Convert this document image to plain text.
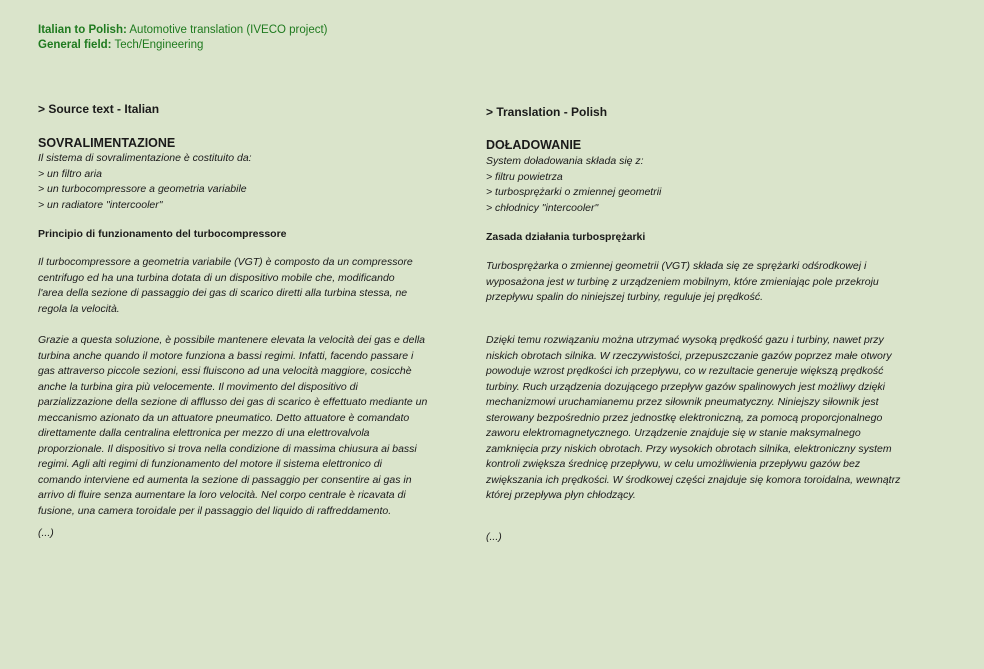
Italian to Polish: Automotive translation (IVECO project)
General field: Tech/Engineering
> Source text - Italian
SOVRALIMENTAZIONE
Il sistema di sovralimentazione è costituito da:
> un filtro aria
> un turbocompressore a geometria variabile
> un radiatore "intercooler"
Principio di funzionamento del turbocompressore
Il turbocompressore a geometria variabile (VGT) è composto da un compressore
centrifugo ed ha una turbina dotata di un dispositivo mobile che, modificando
l'area della sezione di passaggio dei gas di scarico diretti alla turbina stessa, ne
regola la velocità.
Grazie a questa soluzione, è possibile mantenere elevata la velocità dei gas e della
turbina anche quando il motore funziona a bassi regimi. Infatti, facendo passare i
gas attraverso piccole sezioni, essi fluiscono ad una velocità maggiore, cosicchè
anche la turbina gira più velocemente. Il movimento del dispositivo di
parzializzazione della sezione di afflusso dei gas di scarico è effettuato mediante un
meccanismo azionato da un attuatore pneumatico. Detto attuatore è comandato
direttamente dalla centralina elettronica per mezzo di una elettrovalvola
proporzionale. Il dispositivo si trova nella condizione di massima chiusura ai bassi
regimi. Agli alti regimi di funzionamento del motore il sistema elettronico di
comando interviene ed aumenta la sezione di passaggio per consentire ai gas in
arrivo di fluire senza aumentare la loro velocità. Nel corpo centrale è ricavata di
fusione, una camera toroidale per il passaggio del liquido di raffreddamento.
(...)
> Translation - Polish
DOŁADOWANIE
System doładowania składa się z:
> filtru powietrza
> turbosprężarki o zmiennej geometrii
> chłodnicy "intercooler"
Zasada działania turbosprężarki
Turbosprężarka o zmiennej geometrii (VGT) składa się ze sprężarki odśrodkowej i
wyposażona jest w turbinę z urządzeniem mobilnym, które zmieniając pole przekroju
przepływu spalin do niniejszej turbiny, reguluje jej prędkość.
Dzięki temu rozwiązaniu można utrzymać wysoką prędkość gazu i turbiny, nawet przy
niskich obrotach silnika. W rzeczywistości, przepuszczanie gazów poprzez małe otwory
powoduje wzrost prędkości ich przepływu, co w rezultacie generuje większą prędkość
turbiny. Ruch urządzenia dozującego przepływ gazów spalinowych jest możliwy dzięki
mechanizmowi uruchamianemu przez siłownik pneumatyczny. Niniejszy siłownik jest
sterowany bezpośrednio przez jednostkę elektroniczną, za pomocą proporcjonalnego
zaworu elektromagnetycznego. Urządzenie znajduje się w stanie maksymalnego
zamknięcia przy niskich obrotach. Przy wysokich obrotach silnika, elektroniczny system
kontroli zwiększa średnicę przepływu, w celu umożliwienia przepływu gazów bez
zwiększania ich prędkości. W środkowej części znajduje się komora toroidalna, wewnątrz
której przepływa płyn chłodzący.
(...)
